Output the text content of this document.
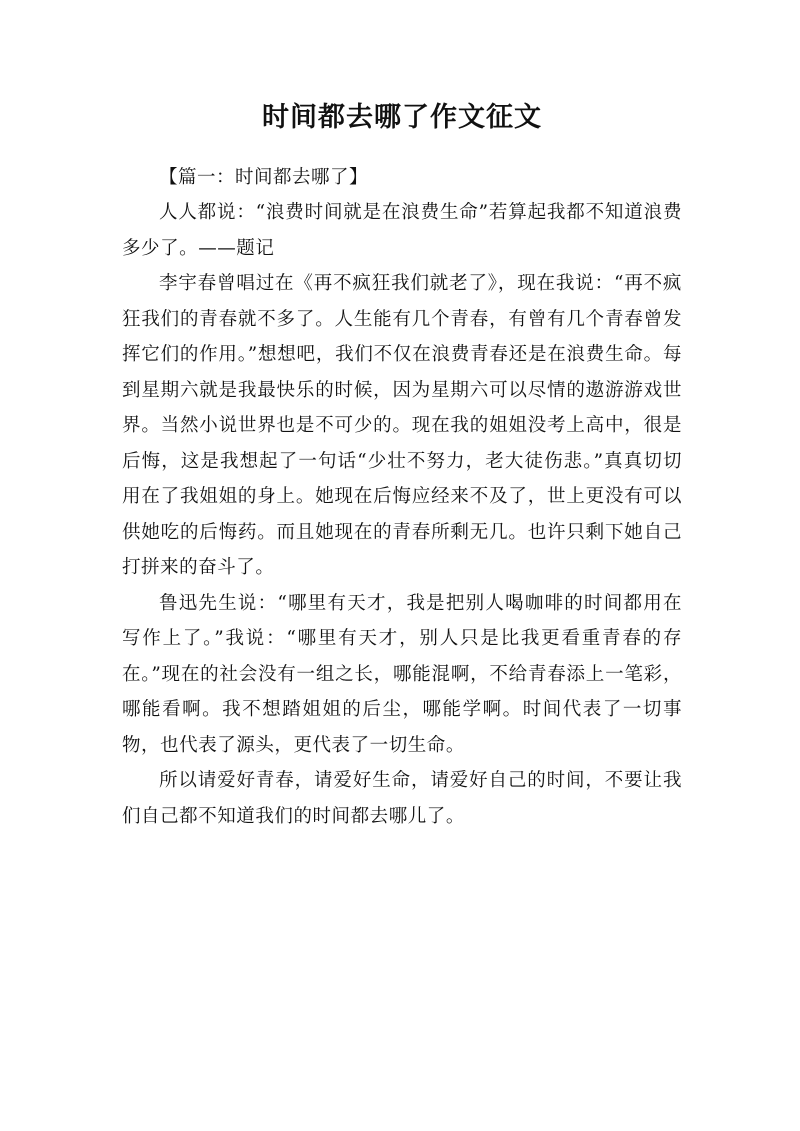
时间都去哪了作文征文

【篇一：时间都去哪了】

人人都说：“浪费时间就是在浪费生命”若算起我都不知道浪费多少了。——题记

李宇春曾唱过在《再不疯狂我们就老了》，现在我说：“再不疯狂我们的青春就不多了。人生能有几个青春，有曾有几个青春曾发挥它们的作用。”想想吧，我们不仅在浪费青春还是在浪费生命。每到星期六就是我最快乐的时候，因为星期六可以尽情的遨游游戏世界。当然小说世界也是不可少的。现在我的姐姐没考上高中，很是后悔，这是我想起了一句话“少壮不努力，老大徒伤悲。”真真切切用在了我姐姐的身上。她现在后悔应经来不及了，世上更没有可以供她吃的后悔药。而且她现在的青春所剩无几。也许只剩下她自己打拼来的奋斗了。

鲁迅先生说：“哪里有天才，我是把别人喝咖啡的时间都用在写作上了。”我说：“哪里有天才，别人只是比我更看重青春的存在。”现在的社会没有一组之长，哪能混啊，不给青春添上一笔彩，哪能看啊。我不想踏姐姐的后尘，哪能学啊。时间代表了一切事物，也代表了源头，更代表了一切生命。

所以请爱好青春，请爱好生命，请爱好自己的时间，不要让我们自己都不知道我们的时间都去哪儿了。
